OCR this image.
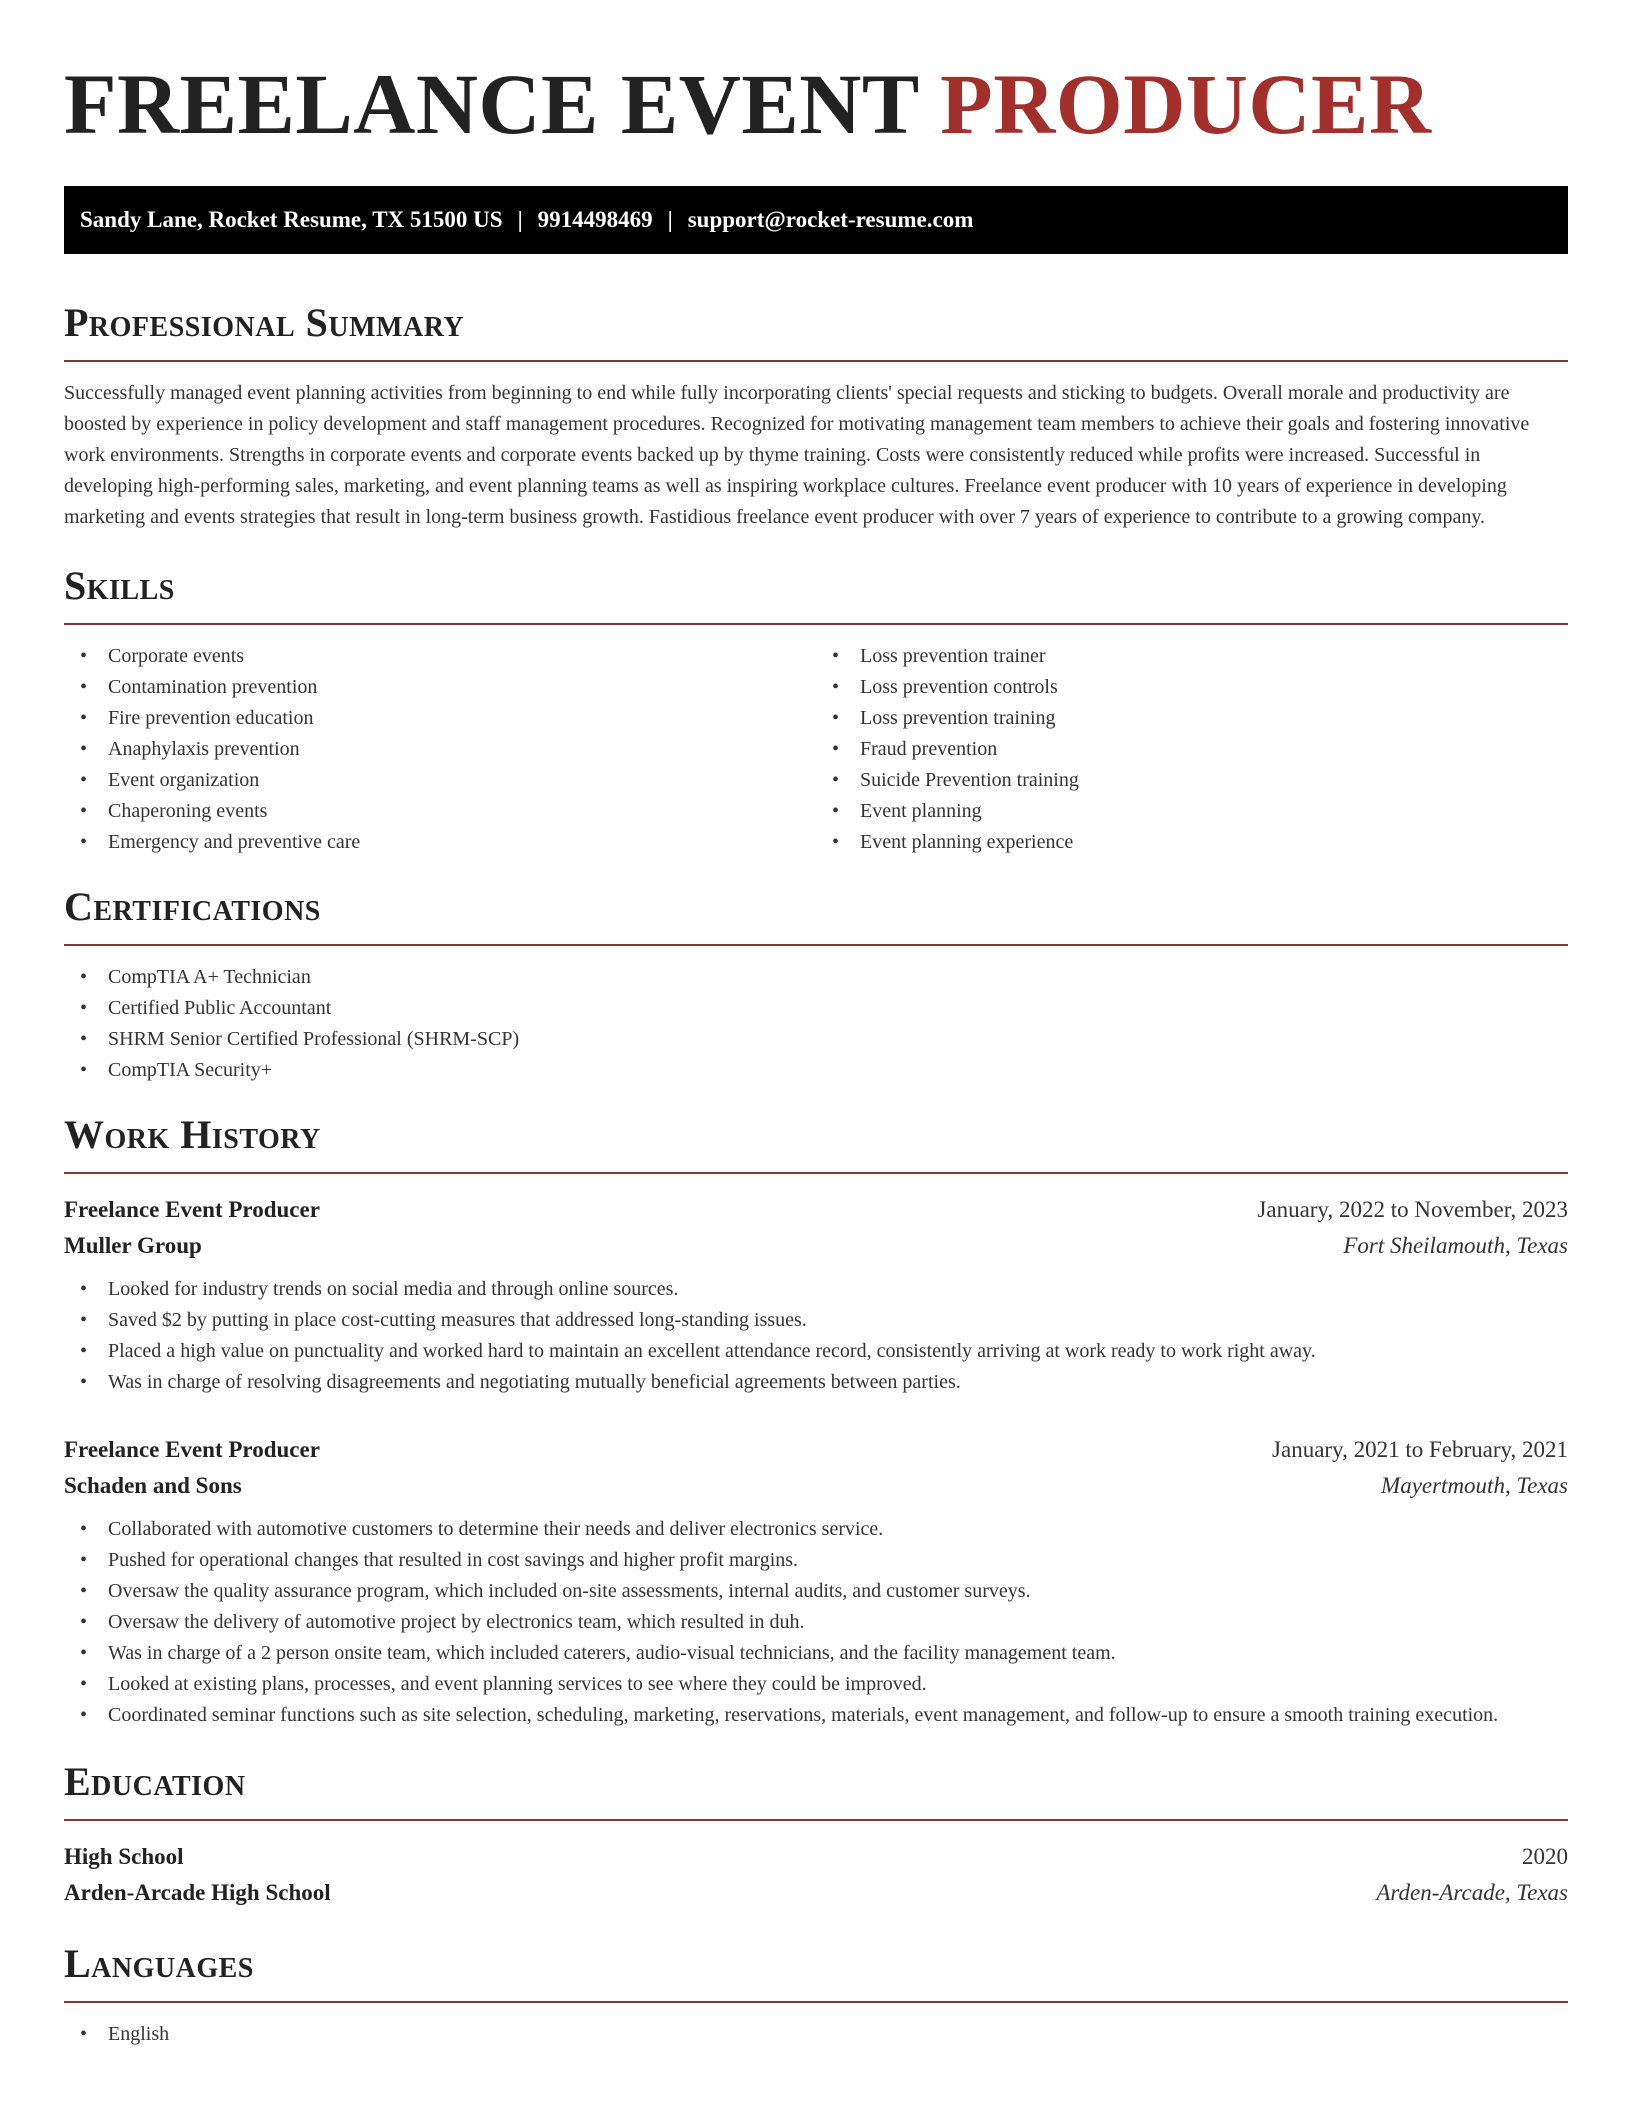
FREELANCE EVENT PRODUCER
Sandy Lane, Rocket Resume, TX 51500 US | 9914498469 | support@rocket-resume.com
Professional Summary

Successfully managed event planning activities from beginning to end while fully incorporating clients' special requests and sticking to budgets. Overall morale and productivity are boosted by experience in policy development and staff management procedures. Recognized for motivating management team members to achieve their goals and fostering innovative work environments. Strengths in corporate events and corporate events backed up by thyme training. Costs were consistently reduced while profits were increased. Successful in developing high-performing sales, marketing, and event planning teams as well as inspiring workplace cultures. Freelance event producer with 10 years of experience in developing marketing and events strategies that result in long-term business growth. Fastidious freelance event producer with over 7 years of experience to contribute to a growing company.

Skills
• Corporate events
• Contamination prevention
• Fire prevention education
• Anaphylaxis prevention
• Event organization
• Chaperoning events
• Emergency and preventive care
• Loss prevention trainer
• Loss prevention controls
• Loss prevention training
• Fraud prevention
• Suicide Prevention training
• Event planning
• Event planning experience
Certifications
• CompTIA A+ Technician
• Certified Public Accountant
• SHRM Senior Certified Professional (SHRM-SCP)
• CompTIA Security+
Work History
Freelance Event Producer	January, 2022 to November, 2023
Muller Group	Fort Sheilamouth, Texas
• Looked for industry trends on social media and through online sources.
• Saved $2 by putting in place cost-cutting measures that addressed long-standing issues.
• Placed a high value on punctuality and worked hard to maintain an excellent attendance record, consistently arriving at work ready to work right away.
• Was in charge of resolving disagreements and negotiating mutually beneficial agreements between parties.
Freelance Event Producer	January, 2021 to February, 2021
Schaden and Sons	Mayertmouth, Texas
• Collaborated with automotive customers to determine their needs and deliver electronics service.
• Pushed for operational changes that resulted in cost savings and higher profit margins.
• Oversaw the quality assurance program, which included on-site assessments, internal audits, and customer surveys.
• Oversaw the delivery of automotive project by electronics team, which resulted in duh.
• Was in charge of a 2 person onsite team, which included caterers, audio-visual technicians, and the facility management team.
• Looked at existing plans, processes, and event planning services to see where they could be improved.
• Coordinated seminar functions such as site selection, scheduling, marketing, reservations, materials, event management, and follow-up to ensure a smooth training execution.
Education
High School	2020
Arden-Arcade High School	Arden-Arcade, Texas
Languages
• English
